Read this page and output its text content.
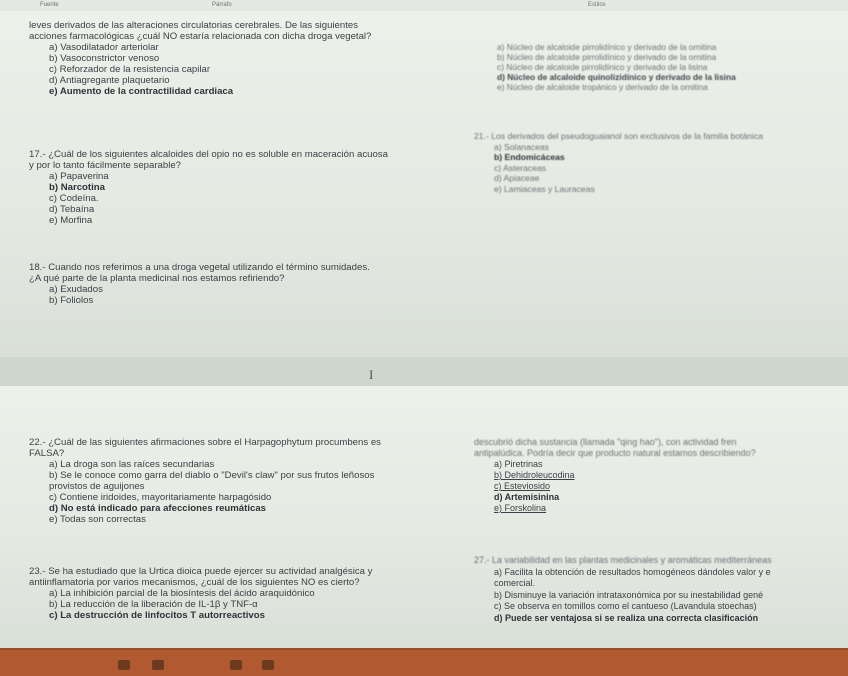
Fuente	Párrafo	Estilos
leves derivados de las alteraciones circulatorias cerebrales. De las siguientes
acciones farmacológicas ¿cuál NO estaría relacionada con dicha droga vegetal?
a) Vasodilatador arteriolar
b) Vasoconstrictor venoso
c) Reforzador de la resistencia capilar
d) Antiagregante plaquetario
e) Aumento de la contractilidad cardiaca
17.- ¿Cuál de los siguientes alcaloides del opio no es soluble en maceración acuosa
y por lo tanto fácilmente separable?
a) Papaverina
b) Narcotina
c) Codeína.
d) Tebaína
e) Morfina
18.- Cuando nos referimos a una droga vegetal utilizando el término sumidades.
¿A qué parte de la planta medicinal nos estamos refiriendo?
a) Exudados
b) Foliolos
a) Núcleo de alcaloide pirrolidínico y derivado de la ornitina
b) Núcleo de alcaloide pirrolidínico y derivado de la ornitina
c) Núcleo de alcaloide pirrolidínico y derivado de la lisina
d) Núcleo de alcaloide quinolizidínico y derivado de la lisina
e) Núcleo de alcaloide tropánico y derivado de la ornitina
21.- Los derivados del pseudoguaianol son exclusivos de la familia botánica
a) Solanaceas
b) Endomicáceas
c) Asteraceas
d) Apiaceae
e) Lamiaceas y Lauraceas
I
22.- ¿Cuál de las siguientes afirmaciones sobre el Harpagophytum procumbens es
FALSA?
a) La droga son las raíces secundarias
b) Se le conoce como garra del diablo o "Devil's claw" por sus frutos leñosos
provistos de aguijones
c) Contiene iridoides, mayoritariamente harpagósido
d) No está indicado para afecciones reumáticas
e) Todas son correctas
23.- Se ha estudiado que la Urtica dioica puede ejercer su actividad analgésica y
antiinflamatoria por varios mecanismos, ¿cuál de los siguientes NO es cierto?
a) La inhibición parcial de la biosíntesis del ácido araquidónico
b) La reducción de la liberación de IL-1β y TNF-α
c) La destrucción de linfocitos T autorreactivos
descubrió dicha sustancia (llamada "qing hao"), con actividad fren
antipalúdica. Podría decir que producto natural estamos describiendo?
a) Piretrinas
b) Dehidroleucodina
c) Esteviosido
d) Artemisinina
e) Forskolina
27.- La variabilidad en las plantas medicinales y aromáticas mediterráneas
a) Facilita la obtención de resultados homogéneos dándoles valor y e
comercial.
b) Disminuye la variación intrataxonómica por su inestabilidad gené
c) Se observa en tomillos como el cantueso (Lavandula stoechas)
d) Puede ser ventajosa si se realiza una correcta clasificación
